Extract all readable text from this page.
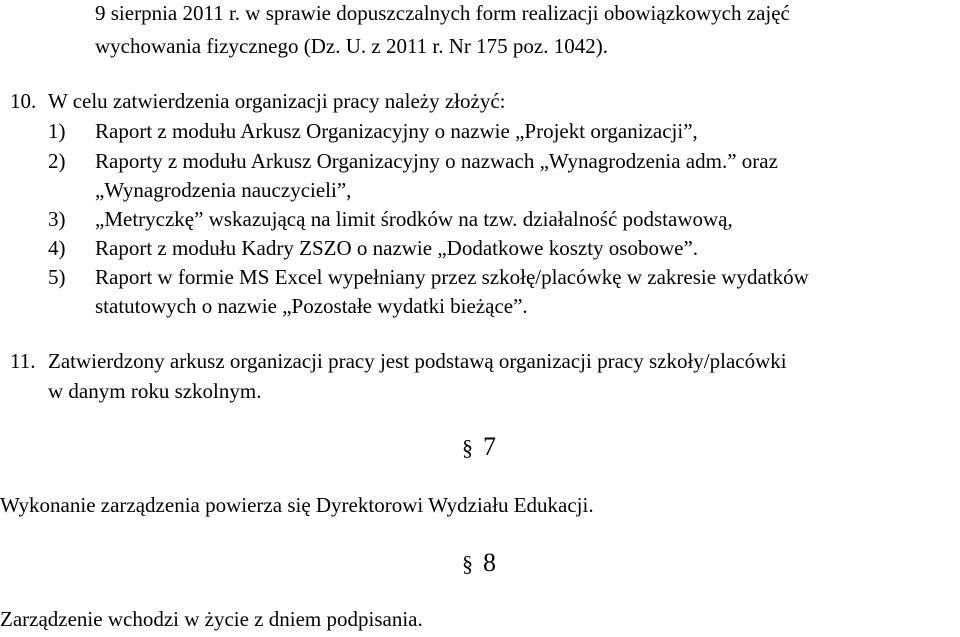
9 sierpnia 2011 r. w sprawie dopuszczalnych form realizacji obowiązkowych zajęć
wychowania fizycznego (Dz. U. z 2011 r. Nr 175 poz. 1042).
10. W celu zatwierdzenia organizacji pracy należy złożyć:
1) Raport z modułu Arkusz Organizacyjny o nazwie „Projekt organizacji”,
2) Raporty z modułu Arkusz Organizacyjny o nazwach „Wynagrodzenia adm.” oraz
„Wynagrodzenia nauczycieli”,
3) „Metryczkę” wskazującą na limit środków na tzw. działalność podstawową,
4) Raport z modułu Kadry ZSZO o nazwie „Dodatkowe koszty osobowe”.
5) Raport w formie MS Excel wypełniany przez szkołę/placówkę w zakresie wydatków
statutowych o nazwie „Pozostałe wydatki bieżące”.
11. Zatwierdzony arkusz organizacji pracy jest podstawą organizacji pracy szkoły/placówki
w danym roku szkolnym.
§ 7
Wykonanie zarządzenia powierza się Dyrektorowi Wydziału Edukacji.
§ 8
Zarządzenie wchodzi w życie z dniem podpisania.
